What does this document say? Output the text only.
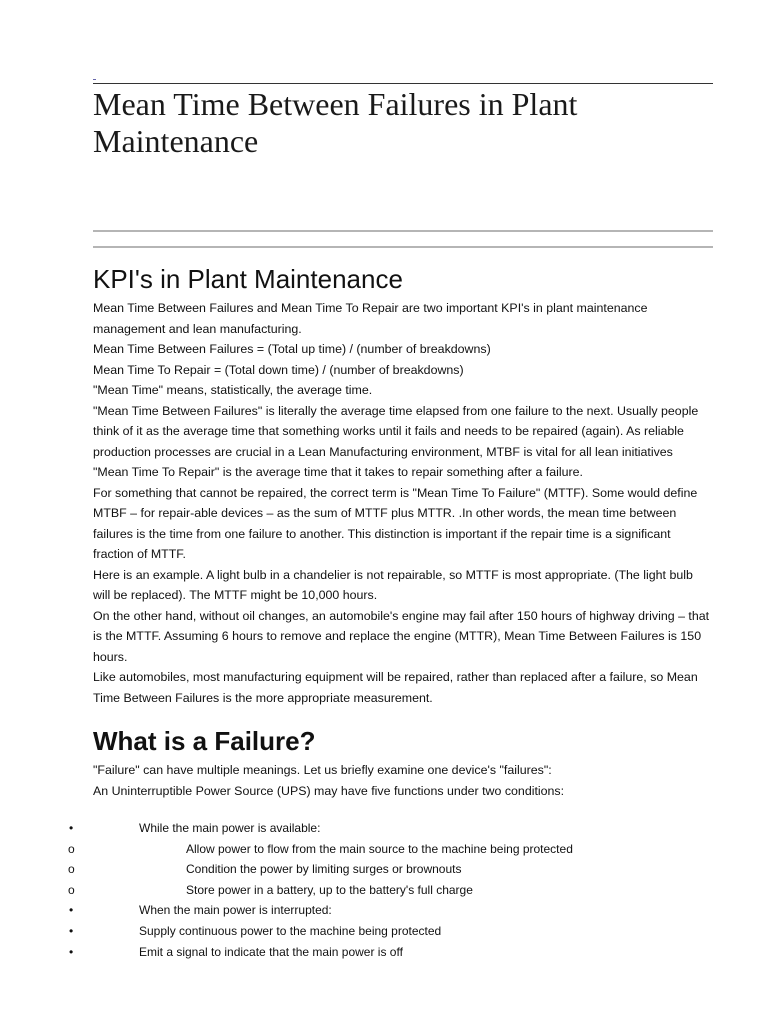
Mean Time Between Failures in Plant Maintenance
KPI's in Plant Maintenance

Mean Time Between Failures and Mean Time To Repair are two important KPI's in plant maintenance management and lean manufacturing.

Mean Time Between Failures = (Total up time) / (number of breakdowns)

Mean Time To Repair = (Total down time) / (number of breakdowns)

"Mean Time" means, statistically, the average time.

"Mean Time Between Failures" is literally the average time elapsed from one failure to the next. Usually people think of it as the average time that something works until it fails and needs to be repaired (again). As reliable production processes are crucial in a Lean Manufacturing environment, MTBF is vital for all lean initiatives

"Mean Time To Repair" is the average time that it takes to repair something after a failure.

For something that cannot be repaired, the correct term is "Mean Time To Failure" (MTTF). Some would define MTBF – for repair-able devices – as the sum of MTTF plus MTTR. .In other words, the mean time between failures is the time from one failure to another. This distinction is important if the repair time is a significant fraction of MTTF.

Here is an example. A light bulb in a chandelier is not repairable, so MTTF is most appropriate. (The light bulb will be replaced). The MTTF might be 10,000 hours.

On the other hand, without oil changes, an automobile's engine may fail after 150 hours of highway driving – that is the MTTF. Assuming 6 hours to remove and replace the engine (MTTR), Mean Time Between Failures is 150 hours.

Like automobiles, most manufacturing equipment will be repaired, rather than replaced after a failure, so Mean Time Between Failures is the more appropriate measurement.

What is a Failure?

"Failure" can have multiple meanings. Let us briefly examine one device's "failures":

An Uninterruptible Power Source (UPS) may have five functions under two conditions:

•	While the main power is available:
o	Allow power to flow from the main source to the machine being protected
o	Condition the power by limiting surges or brownouts
o	Store power in a battery, up to the battery's full charge
•	When the main power is interrupted:
•	Supply continuous power to the machine being protected
•	Emit a signal to indicate that the main power is off
